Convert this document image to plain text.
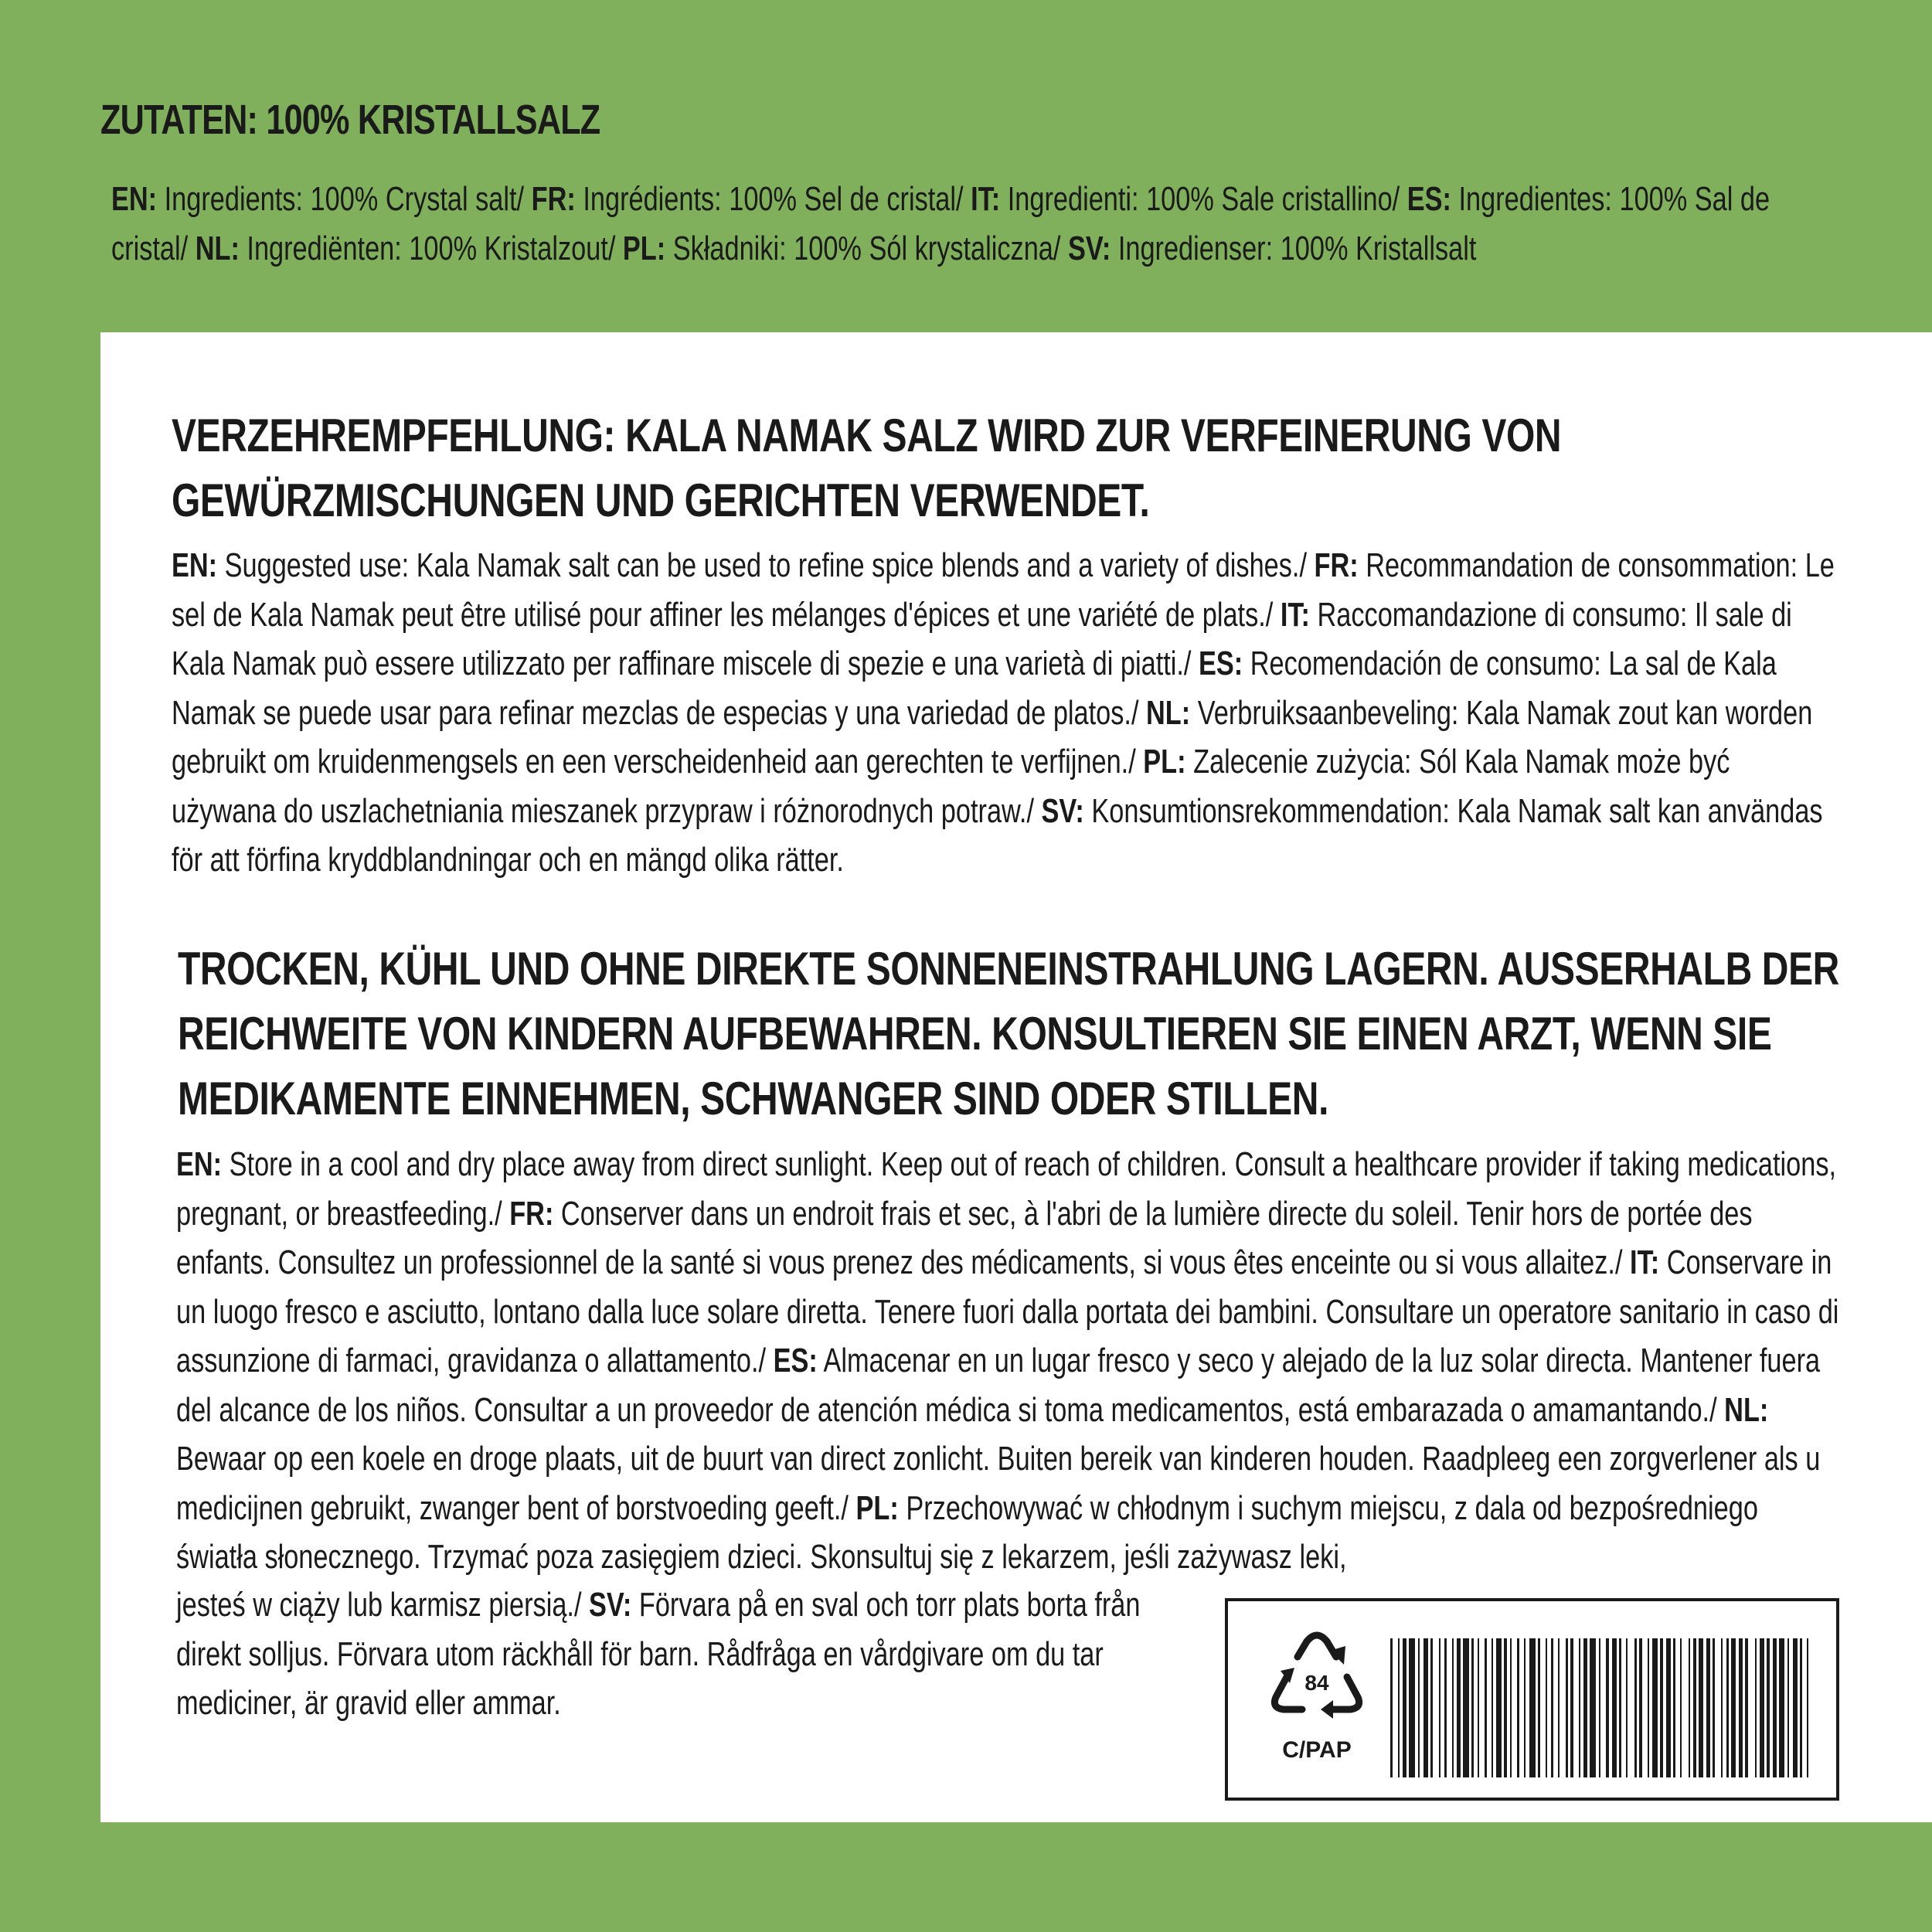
ZUTATEN: 100% KRISTALLSALZ

EN: Ingredients: 100% Crystal salt/ FR: Ingrédients: 100% Sel de cristal/ IT: Ingredienti: 100% Sale cristallino/ ES: Ingredientes: 100% Sal de cristal/ NL: Ingrediënten: 100% Kristalzout/ PL: Składniki: 100% Sól krystaliczna/ SV: Ingredienser: 100% Kristallsalt

VERZEHREMPFEHLUNG: KALA NAMAK SALZ WIRD ZUR VERFEINERUNG VON GEWÜRZMISCHUNGEN UND GERICHTEN VERWENDET.

EN: Suggested use: Kala Namak salt can be used to refine spice blends and a variety of dishes./ FR: Recommandation de consommation: Le sel de Kala Namak peut être utilisé pour affiner les mélanges d'épices et une variété de plats./ IT: Raccomandazione di consumo: Il sale di Kala Namak può essere utilizzato per raffinare miscele di spezie e una varietà di piatti./ ES: Recomendación de consumo: La sal de Kala Namak se puede usar para refinar mezclas de especias y una variedad de platos./ NL: Verbruiksaanbeveling: Kala Namak zout kan worden gebruikt om kruidenmengsels en een verscheidenheid aan gerechten te verfijnen./ PL: Zalecenie zużycia: Sól Kala Namak może być używana do uszlachetniania mieszanek przypraw i różnorodnych potraw./ SV: Konsumtionsrekommendation: Kala Namak salt kan användas för att förfina kryddblandningar och en mängd olika rätter.

TROCKEN, KÜHL UND OHNE DIREKTE SONNENEINSTRAHLUNG LAGERN. AUSSERHALB DER REICHWEITE VON KINDERN AUFBEWAHREN. KONSULTIEREN SIE EINEN ARZT, WENN SIE MEDIKAMENTE EINNEHMEN, SCHWANGER SIND ODER STILLEN.

EN: Store in a cool and dry place away from direct sunlight. Keep out of reach of children. Consult a healthcare provider if taking medications, pregnant, or breastfeeding./ FR: Conserver dans un endroit frais et sec, à l'abri de la lumière directe du soleil. Tenir hors de portée des enfants. Consultez un professionnel de la santé si vous prenez des médicaments, si vous êtes enceinte ou si vous allaitez./ IT: Conservare in un luogo fresco e asciutto, lontano dalla luce solare diretta. Tenere fuori dalla portata dei bambini. Consultare un operatore sanitario in caso di assunzione di farmaci, gravidanza o allattamento./ ES: Almacenar en un lugar fresco y seco y alejado de la luz solar directa. Mantener fuera del alcance de los niños. Consultar a un proveedor de atención médica si toma medicamentos, está embarazada o amamantando./ NL: Bewaar op een koele en droge plaats, uit de buurt van direct zonlicht. Buiten bereik van kinderen houden. Raadpleeg een zorgverlener als u medicijnen gebruikt, zwanger bent of borstvoeding geeft./ PL: Przechowywać w chłodnym i suchym miejscu, z dala od bezpośredniego światła słonecznego. Trzymać poza zasięgiem dzieci. Skonsultuj się z lekarzem, jeśli zażywasz leki,

jesteś w ciąży lub karmisz piersią./ SV: Förvara på en sval och torr plats borta från direkt solljus. Förvara utom räckhåll för barn. Rådfråga en vårdgivare om du tar mediciner, är gravid eller ammar.

84
C/PAP
